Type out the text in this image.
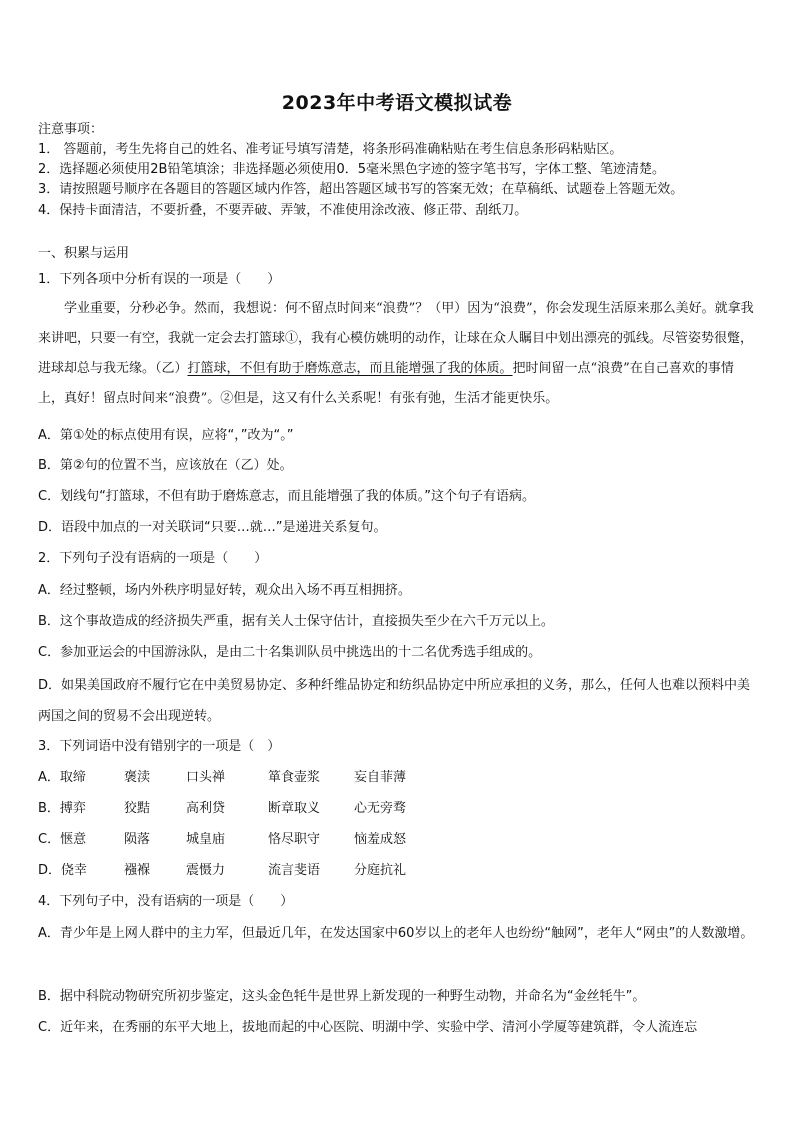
2023年中考语文模拟试卷
注意事项：
1． 答题前，考生先将自己的姓名、准考证号填写清楚，将条形码准确粘贴在考生信息条形码粘贴区。
2．选择题必须使用2B铅笔填涂；非选择题必须使用0．5毫米黑色字迹的签字笔书写，字体工整、笔迹清楚。
3．请按照题号顺序在各题目的答题区域内作答，超出答题区域书写的答案无效；在草稿纸、试题卷上答题无效。
4．保持卡面清洁，不要折叠，不要弄破、弄皱，不准使用涂改液、修正带、刮纸刀。
一、积累与运用
1．下列各项中分析有误的一项是（　　）
学业重要，分秒必争。然而，我想说：何不留点时间来“浪费”？（甲）因为“浪费”，你会发现生活原来那么美好。就拿我来讲吧，只要一有空，我就一定会去打篮球①，我有心模仿姚明的动作，让球在众人瞩目中划出漂亮的弧线。尽管姿势很蹩，进球却总与我无缘。（乙）打篮球，不但有助于磨炼意志，而且能增强了我的体质。把时间留一点“浪费”在自己喜欢的事情上，真好！留点时间来“浪费”。②但是，这又有什么关系呢！有张有弛，生活才能更快乐。
A．第①处的标点使用有误，应将“，”改为“。”
B．第②句的位置不当，应该放在（乙）处。
C．划线句“打篮球，不但有助于磨炼意志，而且能增强了我的体质。”这个句子有语病。
D．语段中加点的一对关联词“只要…就…”是递进关系复句。
2．下列句子没有语病的一项是（　　）
A．经过整顿，场内外秩序明显好转，观众出入场不再互相拥挤。
B．这个事故造成的经济损失严重，据有关人士保守估计，直接损失至少在六千万元以上。
C．参加亚运会的中国游泳队，是由二十名集训队员中挑选出的十二名优秀选手组成的。
D．如果美国政府不履行它在中美贸易协定、多种纤维品协定和纺织品协定中所应承担的义务，那么，任何人也难以预料中美两国之间的贸易不会出现逆转。
3．下列词语中没有错别字的一项是（　）
A．取缔	褒渎	口头禅	箪食壶浆	妄自菲薄
B．搏弈	狡黠	高利贷	断章取义	心无旁骛
C．惬意	陨落	城皇庙	恪尽职守	恼羞成怒
D．侥幸	襁褓	震慑力	流言斐语	分庭抗礼
4．下列句子中，没有语病的一项是（　　）
A．青少年是上网人群中的主力军，但最近几年，在发达国家中60岁以上的老年人也纷纷“触网”，老年人“网虫”的人数激增。
B．据中科院动物研究所初步鉴定，这头金色牦牛是世界上新发现的一种野生动物，并命名为“金丝牦牛”。
C．近年来，在秀丽的东平大地上，拔地而起的中心医院、明湖中学、实验中学、清河小学厦等建筑群，令人流连忘
